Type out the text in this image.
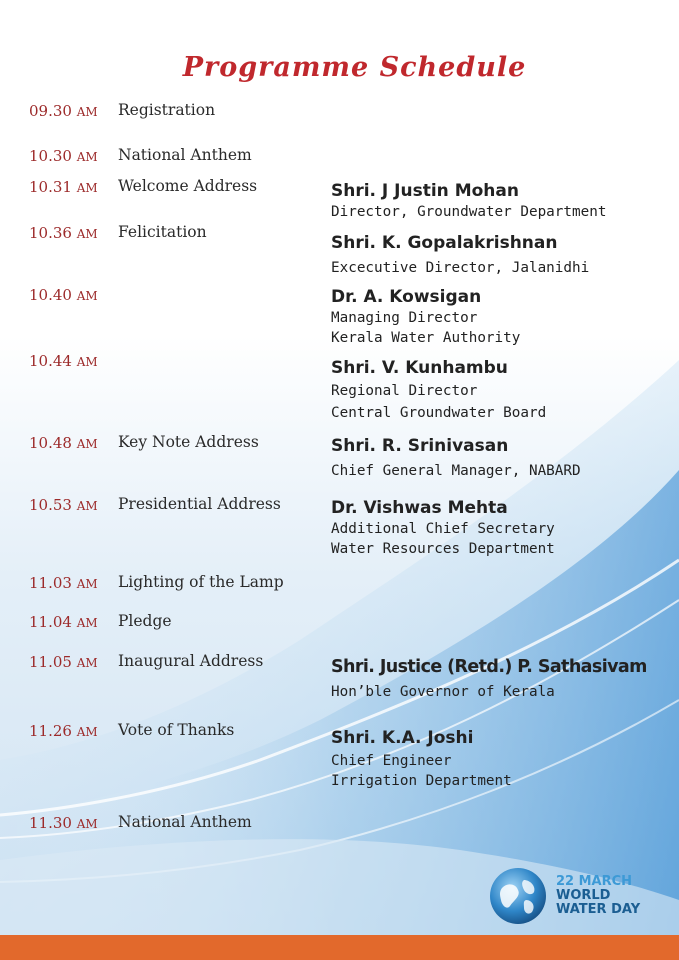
Programme Schedule
09.30 AM Registration
10.30 AM National Anthem
10.31 AM Welcome Address
10.36 AM Felicitation
10.40 AM
10.44 AM
10.48 AM Key Note Address
10.53 AM Presidential Address
11.03 AM Lighting of the Lamp
11.04 AM Pledge
11.05 AM Inaugural Address
11.26 AM Vote of Thanks
11.30 AM National Anthem
Shri. J Justin Mohan
Director, Groundwater Department
Shri. K. Gopalakrishnan
Excecutive Director, Jalanidhi
Dr. A. Kowsigan
Managing Director
Kerala Water Authority
Shri. V. Kunhambu
Regional Director
Central Groundwater Board
Shri. R. Srinivasan
Chief General Manager, NABARD
Dr. Vishwas Mehta
Additional Chief Secretary
Water Resources Department
Shri. Justice (Retd.) P. Sathasivam
Hon’ble Governor of Kerala
Shri. K.A. Joshi
Chief Engineer
Irrigation Department
22 MARCH
WORLD
WATER DAY
